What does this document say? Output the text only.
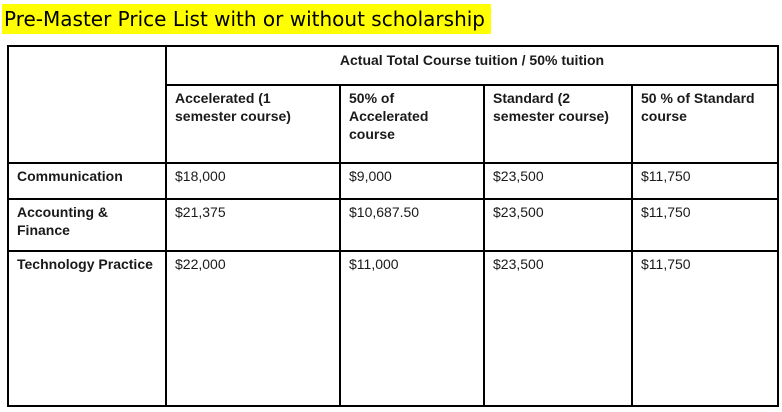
Pre-Master Price List with or without scholarship
	Actual Total Course tuition / 50% tuition			
	Accelerated (1 semester course)	50% of Accelerated course	Standard (2 semester course)	50 % of Standard course
Communication	$18,000	$9,000	$23,500	$11,750
Accounting & Finance	$21,375	$10,687.50	$23,500	$11,750
Technology Practice	$22,000	$11,000	$23,500	$11,750
